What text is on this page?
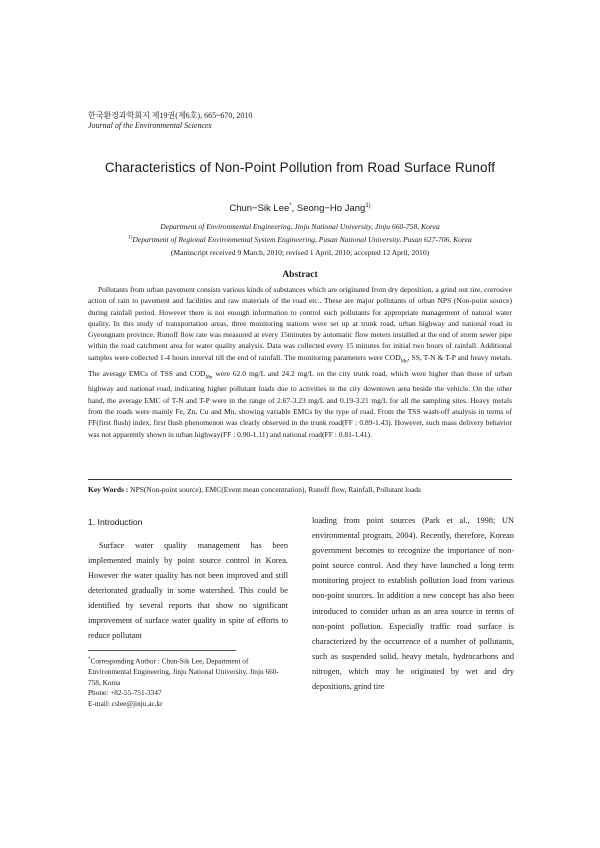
한국환경과학회지 제19권(제6호), 665~670, 2010
Journal of the Environmental Sciences
Characteristics of Non-Point Pollution from Road Surface Runoff
Chun−Sik Lee*, Seong−Ho Jang$^{1)}$
Department of Environmental Engineering, Jinju National University, Jinju 660-758, Korea
$^{1)}$Department of Regional Environmental System Engineering, Pusan National University, Pusan 627-706, Korea
(Manuscript received 9 March, 2010; revised 1 April, 2010; accepted 12 April, 2010)
Abstract

Pollutants from urban pavement consists various kinds of substances which are originated from dry deposition, a grind out tire, corrosive action of rain to pavement and facilities and raw materials of the road etc.. These are major pollutants of urban NPS (Non-point source) during rainfall period. However there is not enough information to control such pollutants for appropriate management of natural water quality. In this study of transportation areas, three monitoring stations were set up at trunk road, urban highway and national road in Gyeongnam province. Runoff flow rate was measured at every 15minutes by automatic flow meters installed at the end of storm sewer pipe within the road catchment area for water quality analysis. Data was collected every 15 minutes for initial two hours of rainfall. Additional samples were collected 1-4 hours interval till the end of rainfall. The monitoring parameters were $COD_{Mn}$, SS, T-N & T-P and heavy metals. The average EMCs of TSS and $COD_{Mn}$ were 62.0 mg/L and 24.2 mg/L on the city trunk road, which were higher than those of urban highway and national road, indicating higher pollutant loads due to activities in the city downtown area beside the vehicle. On the other hand, the average EMC of T-N and T-P were in the range of 2.67-3.23 mg/L and 0.19-3.21 mg/L for all the sampling sites. Heavy metals from the roads were mainly Fe, Zn, Cu and Mn, showing variable EMCs by the type of road. From the TSS wash-off analysis in terms of FF(first flush) index, first flush phenomenon was clearly observed in the trunk road(FF : 0.89-1.43). However, such mass delivery behavior was not apparently shown in urban highway(FF : 0.90-1.11) and national road(FF : 0.81-1.41).

Key Words : NPS(Non-point source), EMC(Event mean concentration), Runoff flow, Rainfall, Pollutant loads
1. Introduction

Surface water quality management has been implemented mainly by point source control in Korea. However the water quality has not been improved and still deteriorated gradually in some watershed. This could be identified by several reports that show no significant improvement of surface water quality in spite of efforts to reduce pollutant

loading from point sources (Park et al., 1998; UN environmental program, 2004). Recently, therefore, Korean government becomes to recognize the importance of non-point source control. And they have launched a long term monitoring project to establish pollution load from various non-point sources. In addition a new concept has also been introduced to consider urban as an area source in terms of non-point pollution. Especially traffic road surface is characterized by the occurrence of a number of pollutants, such as suspended solid, heavy metals, hydrocarbons and nitrogen, which may be originated by wet and dry depositions, grind tire

*Corresponding Author : Chun-Sik Lee, Department of Environmental Engineering, Jinju National University, Jinju 660-758, Korea

Phone: +82-55-751-3347

E-mail: cslee@jinju.ac.kr
